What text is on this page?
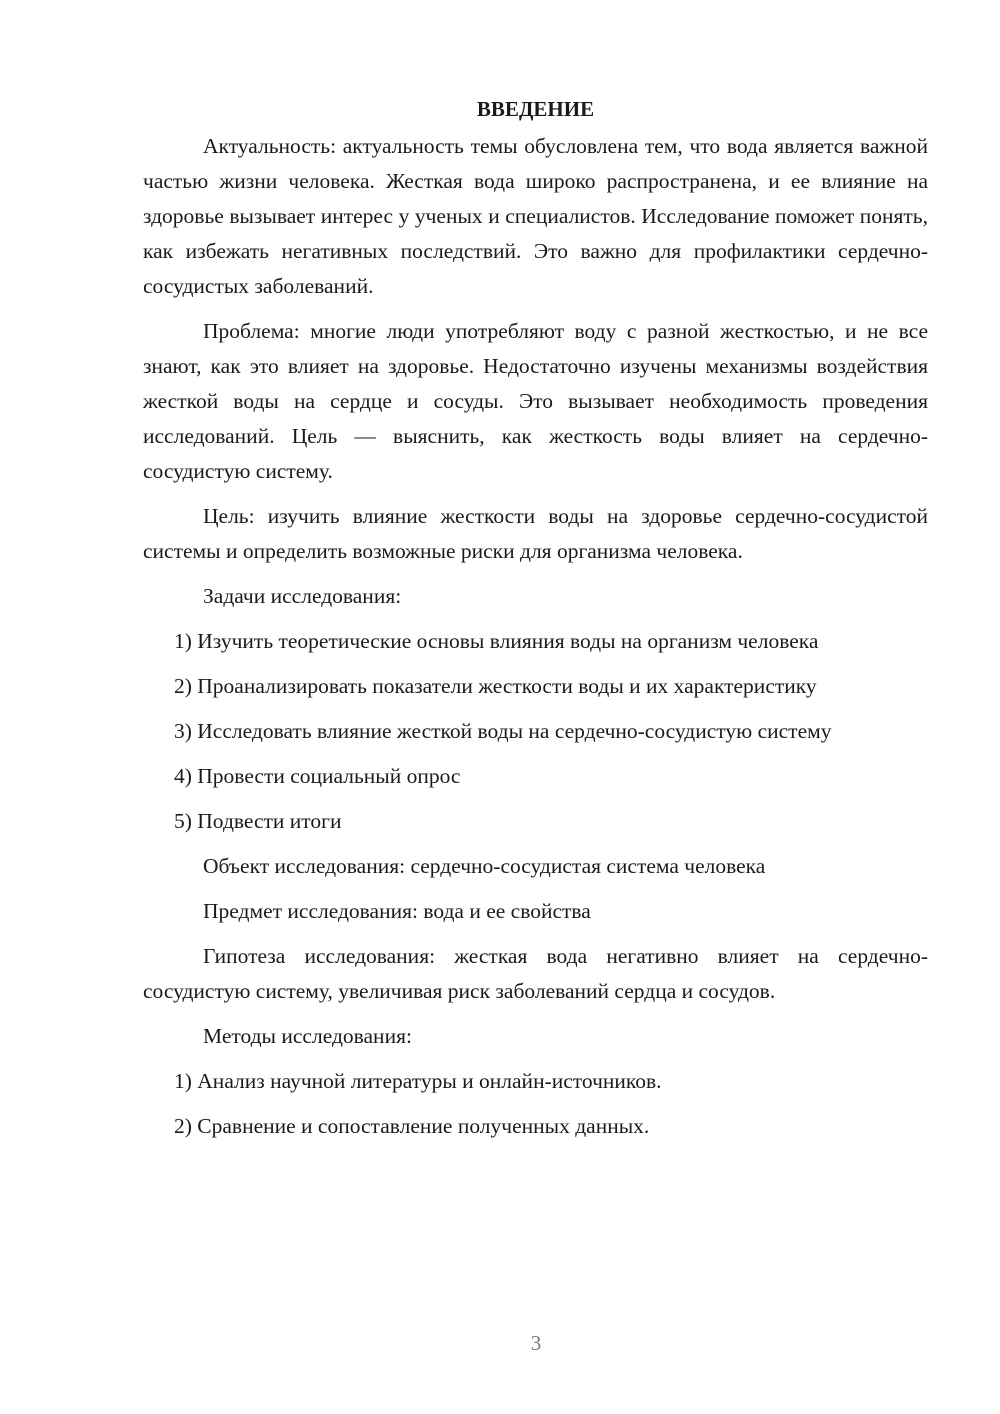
ВВЕДЕНИЕ

Актуальность: актуальность темы обусловлена тем, что вода является важной частью жизни человека. Жесткая вода широко распространена, и ее влияние на здоровье вызывает интерес у ученых и специалистов. Исследование поможет понять, как избежать негативных последствий. Это важно для профилактики сердечно-сосудистых заболеваний.

Проблема: многие люди употребляют воду с разной жесткостью, и не все знают, как это влияет на здоровье. Недостаточно изучены механизмы воздействия жесткой воды на сердце и сосуды. Это вызывает необходимость проведения исследований. Цель — выяснить, как жесткость воды влияет на сердечно-сосудистую систему.

Цель: изучить влияние жесткости воды на здоровье сердечно-сосудистой системы и определить возможные риски для организма человека.

Задачи исследования:

1) Изучить теоретические основы влияния воды на организм человека

2) Проанализировать показатели жесткости воды и их характеристику

3) Исследовать влияние жесткой воды на сердечно-сосудистую систему

4) Провести социальный опрос

5) Подвести итоги

Объект исследования: сердечно-сосудистая система человека

Предмет исследования: вода и ее свойства

Гипотеза исследования: жесткая вода негативно влияет на сердечно-сосудистую систему, увеличивая риск заболеваний сердца и сосудов.

Методы исследования:

1) Анализ научной литературы и онлайн-источников.

2) Сравнение и сопоставление полученных данных.

3
